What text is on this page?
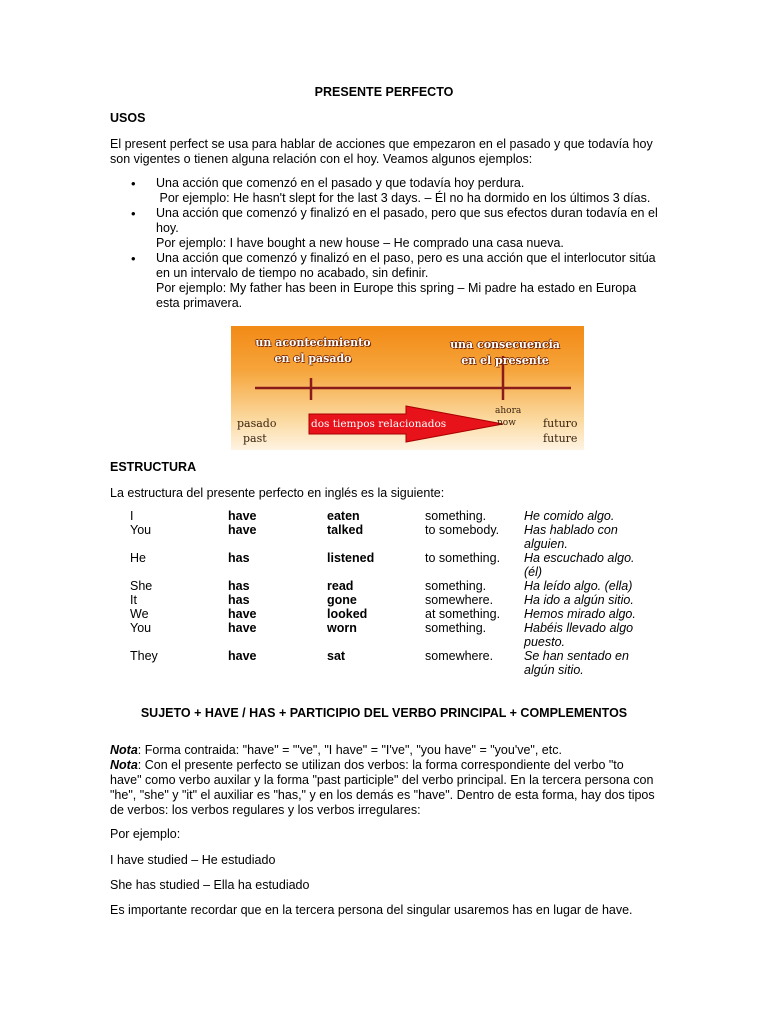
PRESENTE PERFECTO
USOS
El present perfect se usa para hablar de acciones que empezaron en el pasado y que todavía hoy son vigentes o tienen alguna relación con el hoy. Veamos algunos ejemplos:
• Una acción que comenzó en el pasado y que todavía hoy perdura.
Por ejemplo: He hasn't slept for the last 3 days. – Él no ha dormido en los últimos 3 días.
• Una acción que comenzó y finalizó en el pasado, pero que sus efectos duran todavía en el hoy.
Por ejemplo: I have bought a new house – He comprado una casa nueva.
• Una acción que comenzó y finalizó en el paso, pero es una acción que el interlocutor sitúa en un intervalo de tiempo no acabado, sin definir.
Por ejemplo: My father has been in Europe this spring – Mi padre ha estado en Europa esta primavera.
un acontecimiento
en el pasado
una consecuencia
en el presente
pasado
past
dos tiempos relacionados
ahora
now futuro
future
ESTRUCTURA
La estructura del presente perfecto en inglés es la siguiente:
I	have	eaten	something.	He comido algo.
You	have	talked	to somebody.	Has hablado con alguien.
He	has	listened	to something.	Ha escuchado algo. (él)
She	has	read	something.	Ha leído algo. (ella)
It	has	gone	somewhere.	Ha ido a algún sitio.
We	have	looked	at something.	Hemos mirado algo.
You	have	worn	something.	Habéis llevado algo puesto.
They	have	sat	somewhere.	Se han sentado en algún sitio.
SUJETO + HAVE / HAS + PARTICIPIO DEL VERBO PRINCIPAL + COMPLEMENTOS
Nota: Forma contraida: "have" = "'ve", "I have" = "I've", "you have" = "you've", etc.
Nota: Con el presente perfecto se utilizan dos verbos: la forma correspondiente del verbo "to have" como verbo auxilar y la forma "past participle" del verbo principal. En la tercera persona con "he", "she" y "it" el auxiliar es "has," y en los demás es "have". Dentro de esta forma, hay dos tipos de verbos: los verbos regulares y los verbos irregulares:
Por ejemplo:
I have studied – He estudiado
She has studied – Ella ha estudiado
Es importante recordar que en la tercera persona del singular usaremos has en lugar de have.
